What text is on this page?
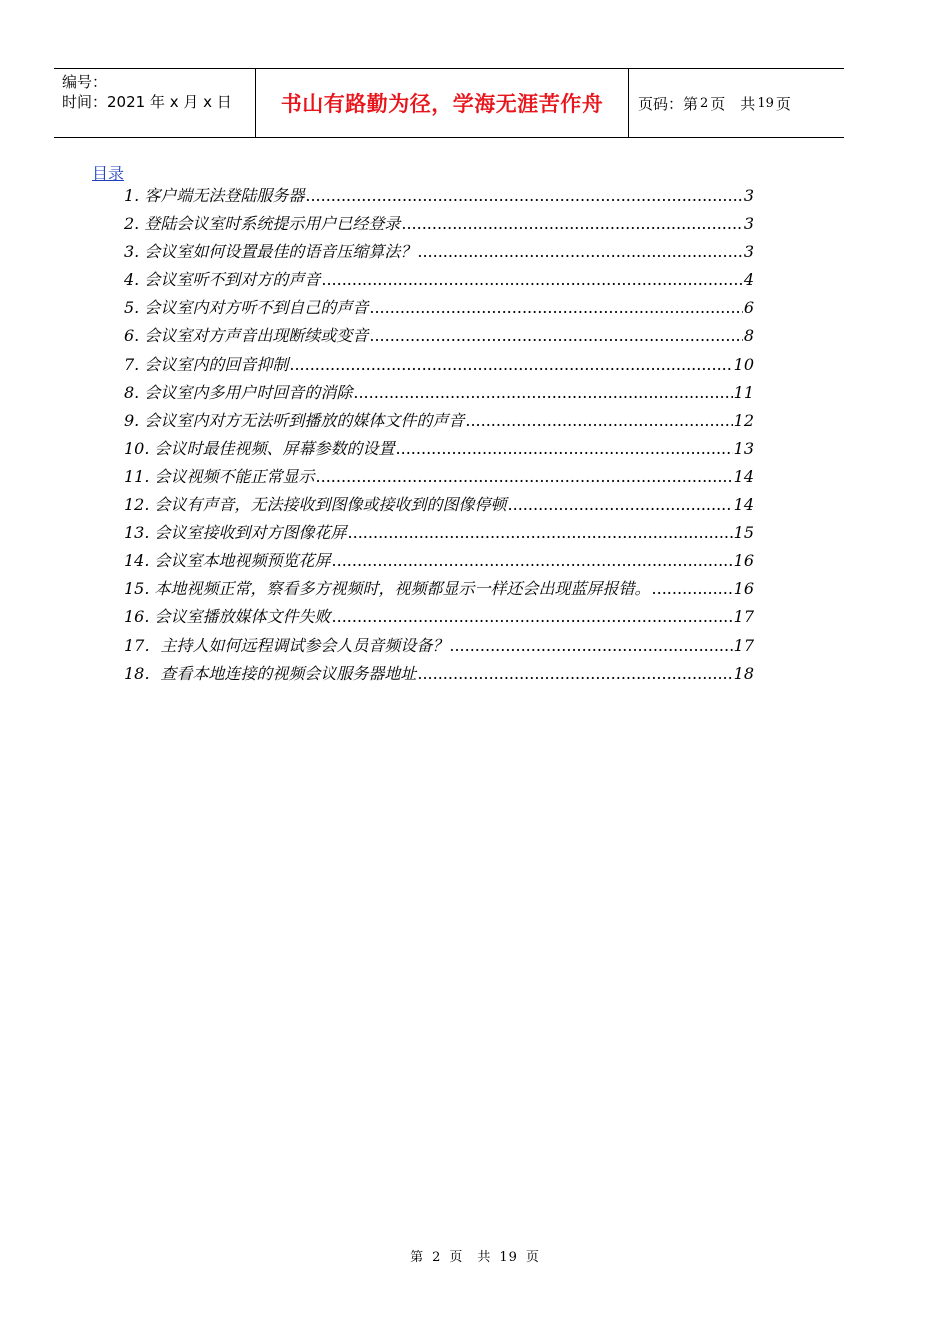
编号：
时间：2021 年 x 月 x 日	书山有路勤为径，学海无涯苦作舟	页码：第 2 页　共 19 页
目录
1. 客户端无法登陆服务器 .....	3
2. 登陆会议室时系统提示用户已经登录 .....	3
3. 会议室如何设置最佳的语音压缩算法？ .....	3
4. 会议室听不到对方的声音 .....	4
5. 会议室内对方听不到自己的声音 .....	6
6. 会议室对方声音出现断续或变音 .....	8
7. 会议室内的回音抑制 .....	10
8. 会议室内多用户时回音的消除 .....	11
9. 会议室内对方无法听到播放的媒体文件的声音 .....	12
10. 会议时最佳视频、屏幕参数的设置 .....	13
11. 会议视频不能正常显示 .....	14
12. 会议有声音，无法接收到图像或接收到的图像停顿 .....	14
13. 会议室接收到对方图像花屏 .....	15
14. 会议室本地视频预览花屏 .....	16
15. 本地视频正常，察看多方视频时，视频都显示一样还会出现蓝屏报错。 .....	16
16. 会议室播放媒体文件失败 .....	17
17．主持人如何远程调试参会人员音频设备？ .....	17
18．查看本地连接的视频会议服务器地址 .....	18
第 2 页　共 19 页
